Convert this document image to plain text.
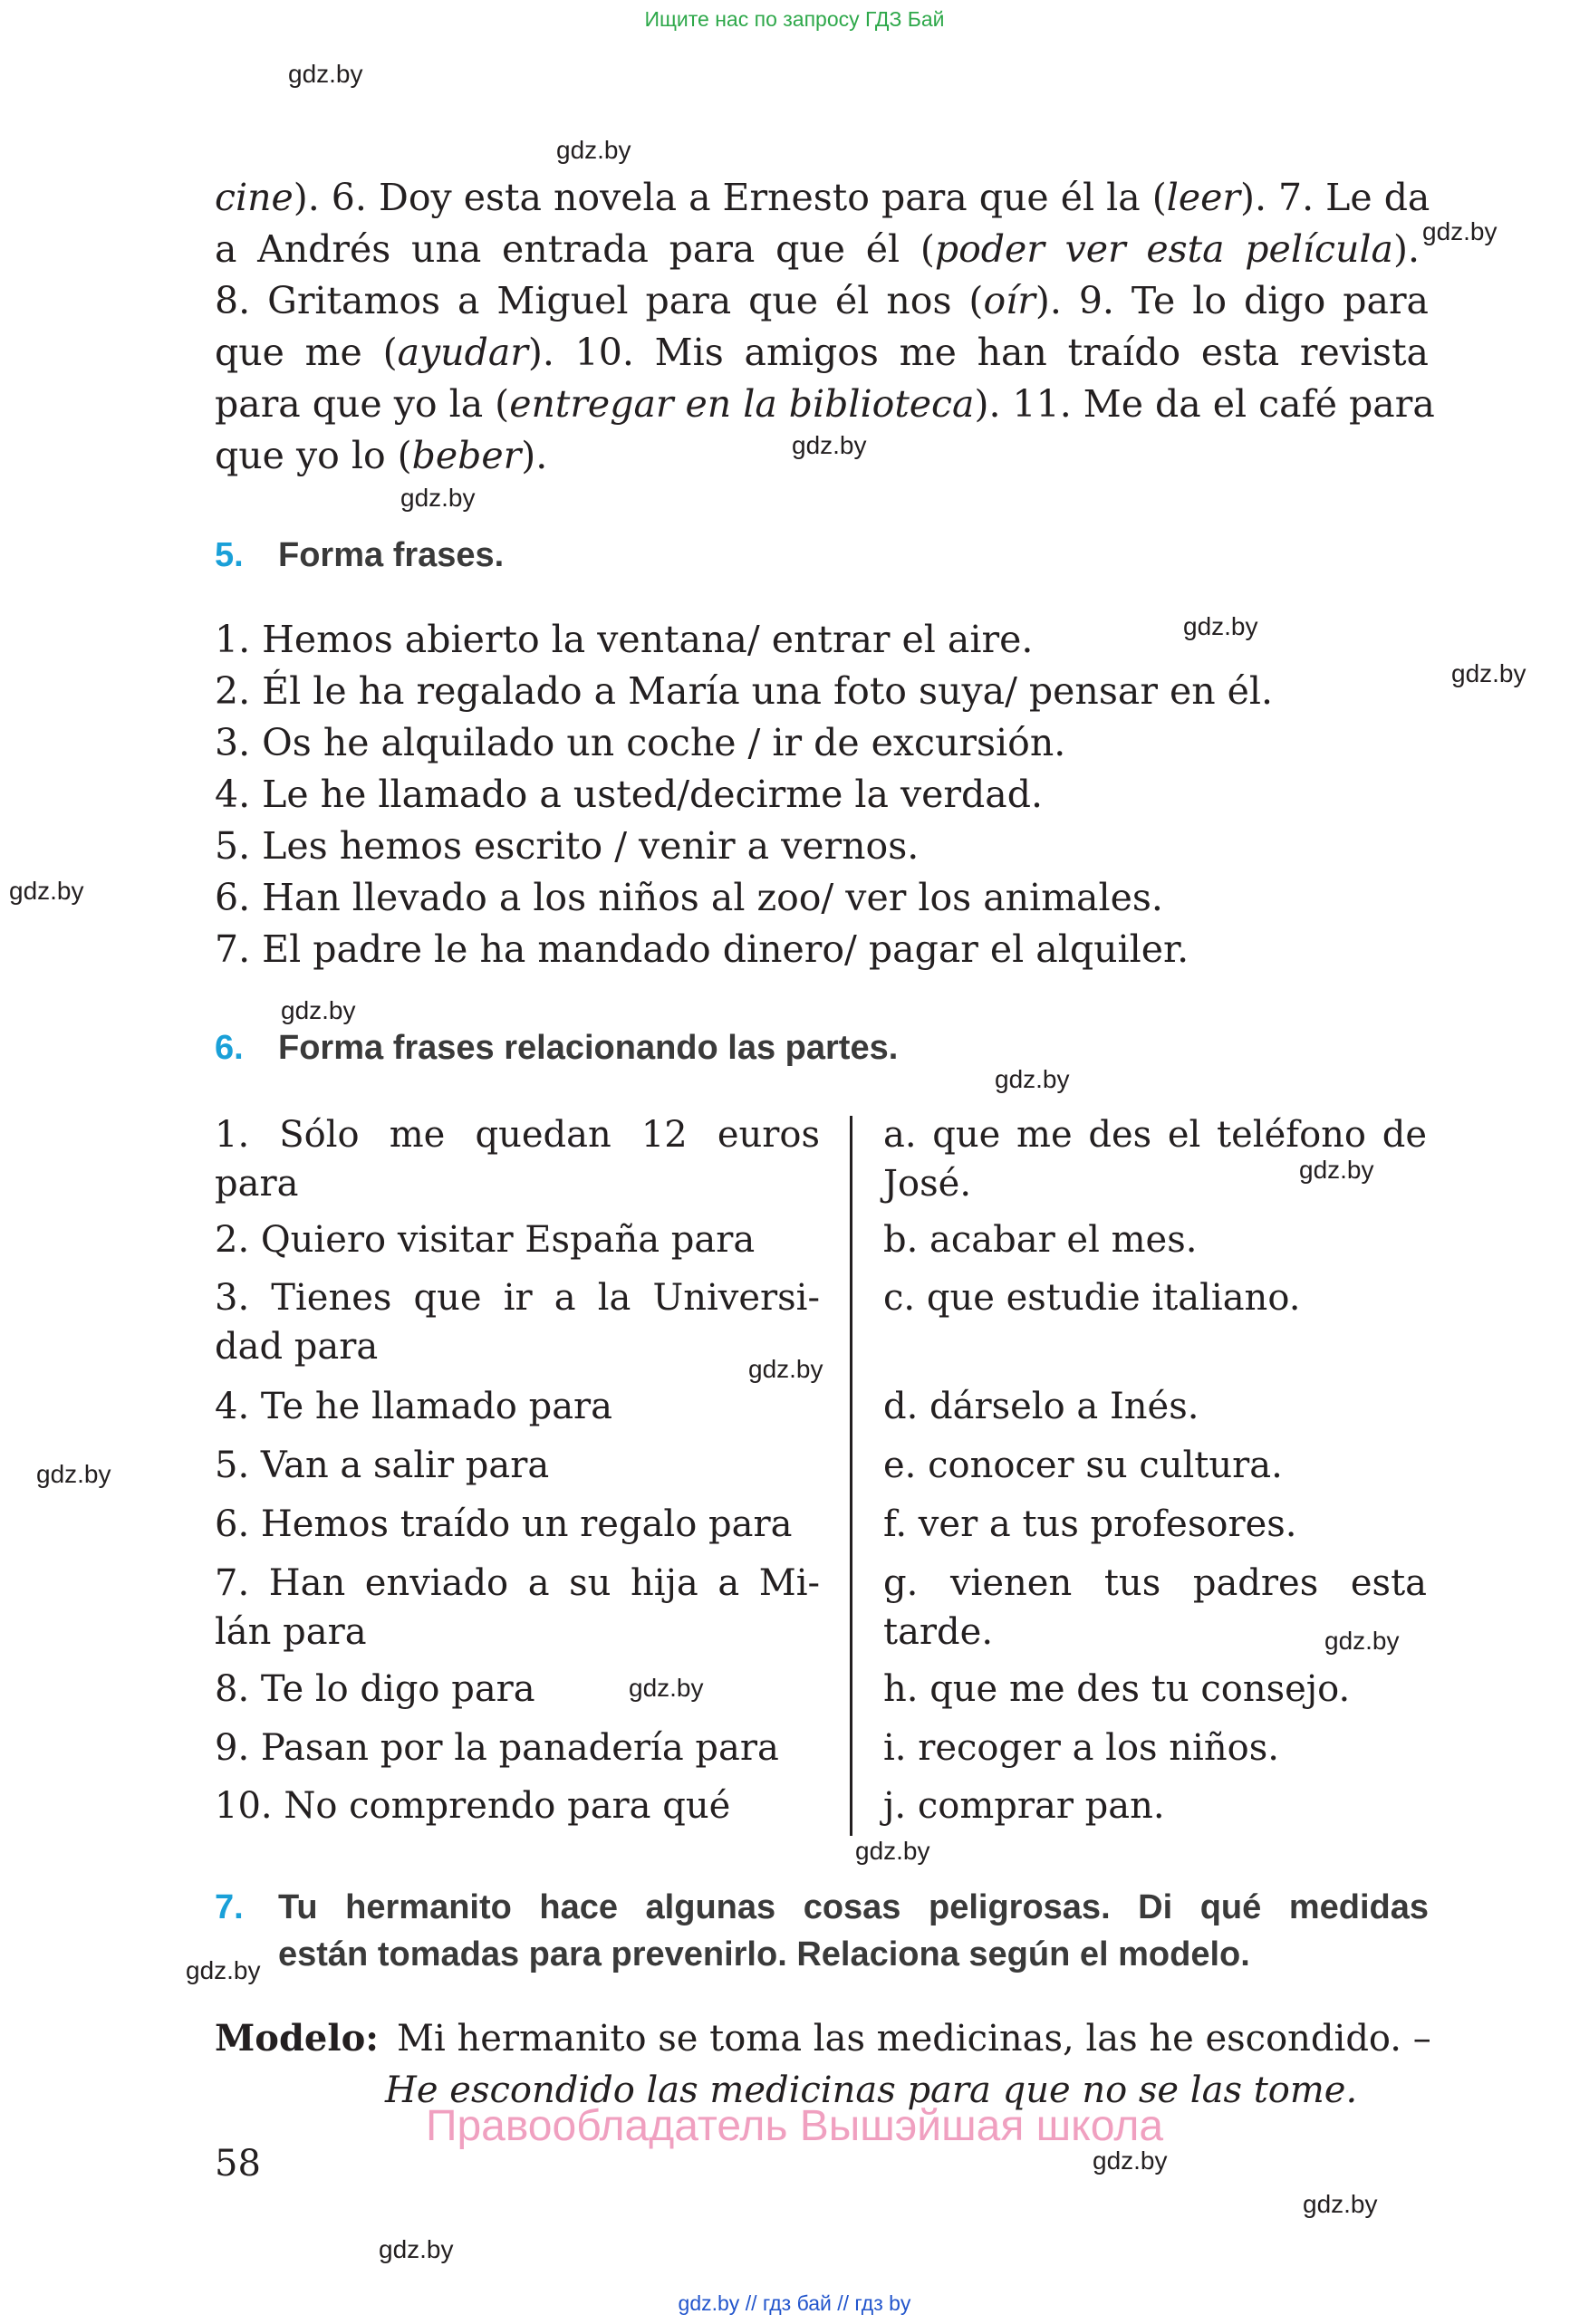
Ищите нас по запросу ГДЗ Бай
gdz.by
gdz.by
gdz.by
gdz.by
gdz.by
gdz.by
gdz.by
gdz.by
gdz.by
gdz.by
gdz.by
gdz.by
gdz.by
gdz.by
gdz.by
gdz.by
gdz.by
gdz.by
gdz.by
gdz.by
cine). 6. Doy esta novela a Ernesto para que él la (leer). 7. Le da
a Andrés una entrada para que él (poder ver esta película).
8. Gritamos a Miguel para que él nos (oír). 9. Te lo digo para
que me (ayudar). 10. Mis amigos me han traído esta revista
para que yo la (entregar en la biblioteca). 11. Me da el café para
que yo lo (beber).
5. Forma frases.
1. Hemos abierto la ventana/ entrar el aire.
2. Él le ha regalado a María una foto suya/ pensar en él.
3. Os he alquilado un coche / ir de excursión.
4. Le he llamado a usted/decirme la verdad.
5. Les hemos escrito / venir a vernos.
6. Han llevado a los niños al zoo/ ver los animales.
7. El padre le ha mandado dinero/ pagar el alquiler.
6. Forma frases relacionando las partes.
1. Sólo me quedan 12 euros
para
2. Quiero visitar España para
3. Tienes que ir a la Universi-
dad para
4. Te he llamado para
5. Van a salir para
6. Hemos traído un regalo para
7. Han enviado a su hija a Mi-
lán para
8. Te lo digo para
9. Pasan por la panadería para
10. No comprendo para qué
a. que me des el teléfono de
José.
b. acabar el mes.
c. que estudie italiano.
d. dárselo a Inés.
e. conocer su cultura.
f. ver a tus profesores.
g. vienen tus padres esta
tarde.
h. que me des tu consejo.
i. recoger a los niños.
j. comprar pan.
7. Tu hermanito hace algunas cosas peligrosas. Di qué medidas
están tomadas para prevenirlo. Relaciona según el modelo.
Modelo: Mi hermanito se toma las medicinas, las he escondido. –
He escondido las medicinas para que no se las tome.
Правообладатель Вышэйшая школа
58
gdz.by // гдз бай // гдз by
